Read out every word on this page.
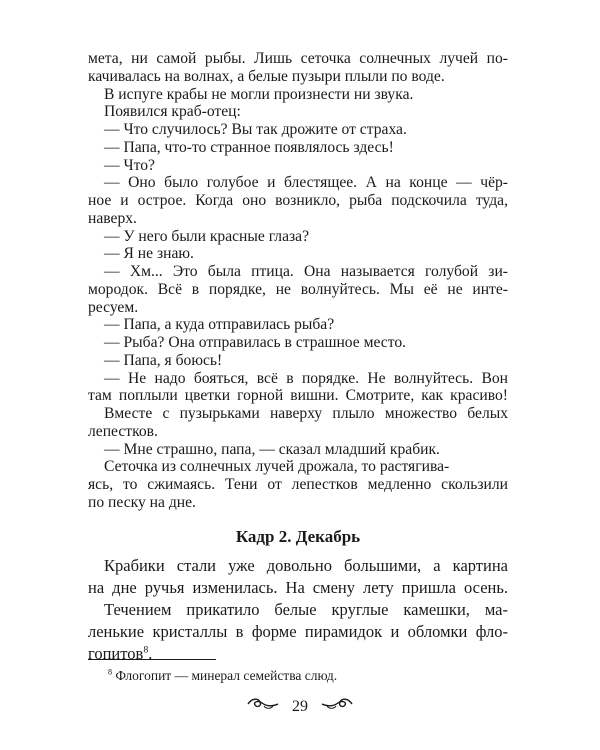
мета, ни самой рыбы. Лишь сеточка солнечных лучей по-
качивалась на волнах, а белые пузыри плыли по воде.
В испуге крабы не могли произнести ни звука.
Появился краб-отец:
— Что случилось? Вы так дрожите от страха.
— Папа, что-то странное появлялось здесь!
— Что?
— Оно было голубое и блестящее. А на конце — чёр-
ное и острое. Когда оно возникло, рыба подскочила туда,
наверх.
— У него были красные глаза?
— Я не знаю.
— Хм... Это была птица. Она называется голубой зи-
мородок. Всё в порядке, не волнуйтесь. Мы её не инте-
ресуем.
— Папа, а куда отправилась рыба?
— Рыба? Она отправилась в страшное место.
— Папа, я боюсь!
— Не надо бояться, всё в порядке. Не волнуйтесь. Вон
там поплыли цветки горной вишни. Смотрите, как красиво!
Вместе с пузырьками наверху плыло множество белых
лепестков.
— Мне страшно, папа, — сказал младший крабик.
Сеточка из солнечных лучей дрожала, то растягива-
ясь, то сжимаясь. Тени от лепестков медленно скользили
по песку на дне.
Кадр 2. Декабрь
Крабики стали уже довольно большими, а картина
на дне ручья изменилась. На смену лету пришла осень.
Течением прикатило белые круглые камешки, ма-
ленькие кристаллы в форме пирамидок и обломки фло-
гопитов$^8$.
$^8$ Флогопит — минерал семейства слюд.
29
